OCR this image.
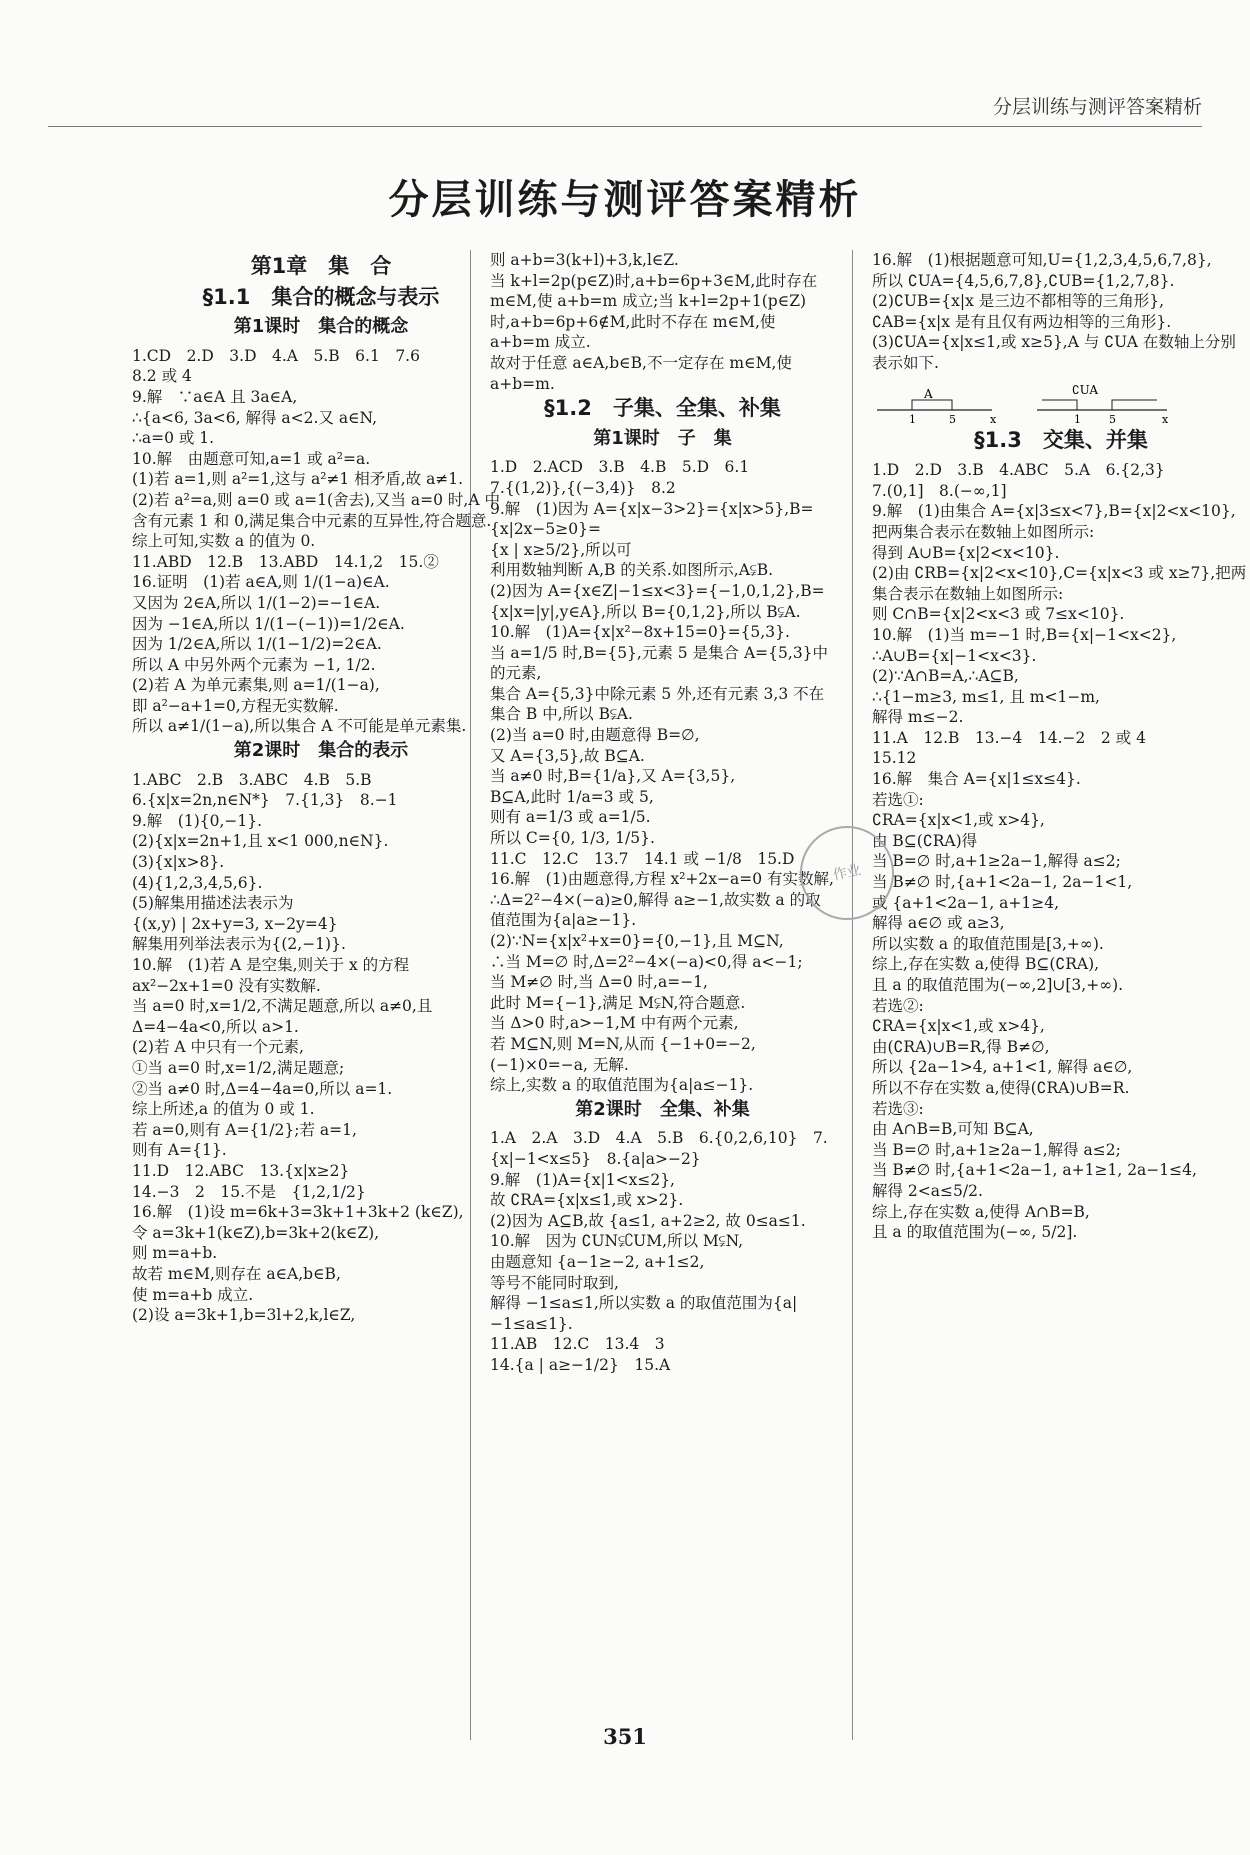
分层训练与测评答案精析
分层训练与测评答案精析
第1章　集　合
§1.1　集合的概念与表示
第1课时　集合的概念
1.CD　2.D　3.D　4.A　5.B　6.1　7.6
8.2 或 4
9.解　∵a∈A 且 3a∈A,
∴{a<6, 3a<6, 解得 a<2.又 a∈N,
∴a=0 或 1.
10.解　由题意可知,a=1 或 a²=a.
(1)若 a=1,则 a²=1,这与 a²≠1 相矛盾,故 a≠1.
(2)若 a²=a,则 a=0 或 a=1(舍去),又当 a=0 时,A 中含有元素 1 和 0,满足集合中元素的互异性,符合题意.
综上可知,实数 a 的值为 0.
11.ABD　12.B　13.ABD　14.1,2　15.②
16.证明　(1)若 a∈A,则 1/(1−a)∈A.
又因为 2∈A,所以 1/(1−2)=−1∈A.
因为 −1∈A,所以 1/(1−(−1))=1/2∈A.
因为 1/2∈A,所以 1/(1−1/2)=2∈A.
所以 A 中另外两个元素为 −1, 1/2.
(2)若 A 为单元素集,则 a=1/(1−a),
即 a²−a+1=0,方程无实数解.
所以 a≠1/(1−a),所以集合 A 不可能是单元素集.
第2课时　集合的表示
1.ABC　2.B　3.ABC　4.B　5.B
6.{x|x=2n,n∈N*}　7.{1,3}　8.−1
9.解　(1){0,−1}.
(2){x|x=2n+1,且 x<1 000,n∈N}.
(3){x|x>8}.
(4){1,2,3,4,5,6}.
(5)解集用描述法表示为
{(x,y) | 2x+y=3, x−2y=4}
解集用列举法表示为{(2,−1)}.
10.解　(1)若 A 是空集,则关于 x 的方程 ax²−2x+1=0 没有实数解.
当 a=0 时,x=1/2,不满足题意,所以 a≠0,且 Δ=4−4a<0,所以 a>1.
(2)若 A 中只有一个元素,
①当 a=0 时,x=1/2,满足题意;
②当 a≠0 时,Δ=4−4a=0,所以 a=1.
综上所述,a 的值为 0 或 1.
若 a=0,则有 A={1/2};若 a=1,
则有 A={1}.
11.D　12.ABC　13.{x|x≥2}
14.−3　2　15.不是　{1,2,1/2}
16.解　(1)设 m=6k+3=3k+1+3k+2 (k∈Z),
令 a=3k+1(k∈Z),b=3k+2(k∈Z),
则 m=a+b.
故若 m∈M,则存在 a∈A,b∈B,
使 m=a+b 成立.
(2)设 a=3k+1,b=3l+2,k,l∈Z,
则 a+b=3(k+l)+3,k,l∈Z.
当 k+l=2p(p∈Z)时,a+b=6p+3∈M,此时存在 m∈M,使 a+b=m 成立;当 k+l=2p+1(p∈Z)时,a+b=6p+6∉M,此时不存在 m∈M,使 a+b=m 成立.
故对于任意 a∈A,b∈B,不一定存在 m∈M,使 a+b=m.
§1.2　子集、全集、补集
第1课时　子　集
1.D　2.ACD　3.B　4.B　5.D　6.1
7.{(1,2)},{(−3,4)}　8.2
9.解　(1)因为 A={x|x−3>2}={x|x>5},B={x|2x−5≥0}=
{x | x≥5/2},所以可
利用数轴判断 A,B 的关系.如图所示,A⫋B.
(2)因为 A={x∈Z|−1≤x<3}={−1,0,1,2},B={x|x=|y|,y∈A},所以 B={0,1,2},所以 B⫋A.
10.解　(1)A={x|x²−8x+15=0}={5,3}.
当 a=1/5 时,B={5},元素 5 是集合 A={5,3}中的元素,
集合 A={5,3}中除元素 5 外,还有元素 3,3 不在集合 B 中,所以 B⫋A.
(2)当 a=0 时,由题意得 B=∅,
又 A={3,5},故 B⊆A.
当 a≠0 时,B={1/a},又 A={3,5},
B⊆A,此时 1/a=3 或 5,
则有 a=1/3 或 a=1/5.
所以 C={0, 1/3, 1/5}.
11.C　12.C　13.7　14.1 或 −1/8　15.D
16.解　(1)由题意得,方程 x²+2x−a=0 有实数解,
∴Δ=2²−4×(−a)≥0,解得 a≥−1,故实数 a 的取值范围为{a|a≥−1}.
(2)∵N={x|x²+x=0}={0,−1},且 M⊆N,
∴当 M=∅ 时,Δ=2²−4×(−a)<0,得 a<−1;
当 M≠∅ 时,当 Δ=0 时,a=−1,
此时 M={−1},满足 M⫋N,符合题意.
当 Δ>0 时,a>−1,M 中有两个元素,
若 M⊆N,则 M=N,从而 {−1+0=−2, (−1)×0=−a, 无解.
综上,实数 a 的取值范围为{a|a≤−1}.
第2课时　全集、补集
1.A　2.A　3.D　4.A　5.B　6.{0,2,6,10}　7.{x|−1<x≤5}　8.{a|a>−2}
9.解　(1)A={x|1<x≤2},
故 ∁RA={x|x≤1,或 x>2}.
(2)因为 A⊆B,故 {a≤1, a+2≥2, 故 0≤a≤1.
10.解　因为 ∁UN⫋∁UM,所以 M⫋N,
由题意知 {a−1≥−2, a+1≤2,
等号不能同时取到,
解得 −1≤a≤1,所以实数 a 的取值范围为{a|−1≤a≤1}.
11.AB　12.C　13.4　3
14.{a | a≥−1/2}　15.A
16.解　(1)根据题意可知,U={1,2,3,4,5,6,7,8},
所以 ∁UA={4,5,6,7,8},∁UB={1,2,7,8}.
(2)∁UB={x|x 是三边不都相等的三角形},
∁AB={x|x 是有且仅有两边相等的三角形}.
(3)∁UA={x|x≤1,或 x≥5},A 与 ∁UA 在数轴上分别表示如下.
A
1	5	x
∁UA
1	5	x
§1.3　交集、并集
1.D　2.D　3.B　4.ABC　5.A　6.{2,3}
7.(0,1]　8.(−∞,1]
9.解　(1)由集合 A={x|3≤x<7},B={x|2<x<10},把两集合表示在数轴上如图所示:
得到 A∪B={x|2<x<10}.
(2)由 ∁RB={x|2<x<10},C={x|x<3 或 x≥7},把两集合表示在数轴上如图所示:
则 C∩B={x|2<x<3 或 7≤x<10}.
10.解　(1)当 m=−1 时,B={x|−1<x<2},
∴A∪B={x|−1<x<3}.
(2)∵A∩B=A,∴A⊆B,
∴{1−m≥3, m≤1, 且 m<1−m,
解得 m≤−2.
11.A　12.B　13.−4　14.−2　2 或 4
15.12
16.解　集合 A={x|1≤x≤4}.
若选①:
∁RA={x|x<1,或 x>4},
由 B⊆(∁RA)得
当 B=∅ 时,a+1≥2a−1,解得 a≤2;
当 B≠∅ 时,{a+1<2a−1, 2a−1<1,
或 {a+1<2a−1, a+1≥4,
解得 a∈∅ 或 a≥3,
所以实数 a 的取值范围是[3,+∞).
综上,存在实数 a,使得 B⊆(∁RA),
且 a 的取值范围为(−∞,2]∪[3,+∞).
若选②:
∁RA={x|x<1,或 x>4},
由(∁RA)∪B=R,得 B≠∅,
所以 {2a−1>4, a+1<1, 解得 a∈∅,
所以不存在实数 a,使得(∁RA)∪B=R.
若选③:
由 A∩B=B,可知 B⊆A,
当 B=∅ 时,a+1≥2a−1,解得 a≤2;
当 B≠∅ 时,{a+1<2a−1, a+1≥1, 2a−1≤4,
解得 2<a≤5/2.
综上,存在实数 a,使得 A∩B=B,
且 a 的取值范围为(−∞, 5/2].
作业
351
